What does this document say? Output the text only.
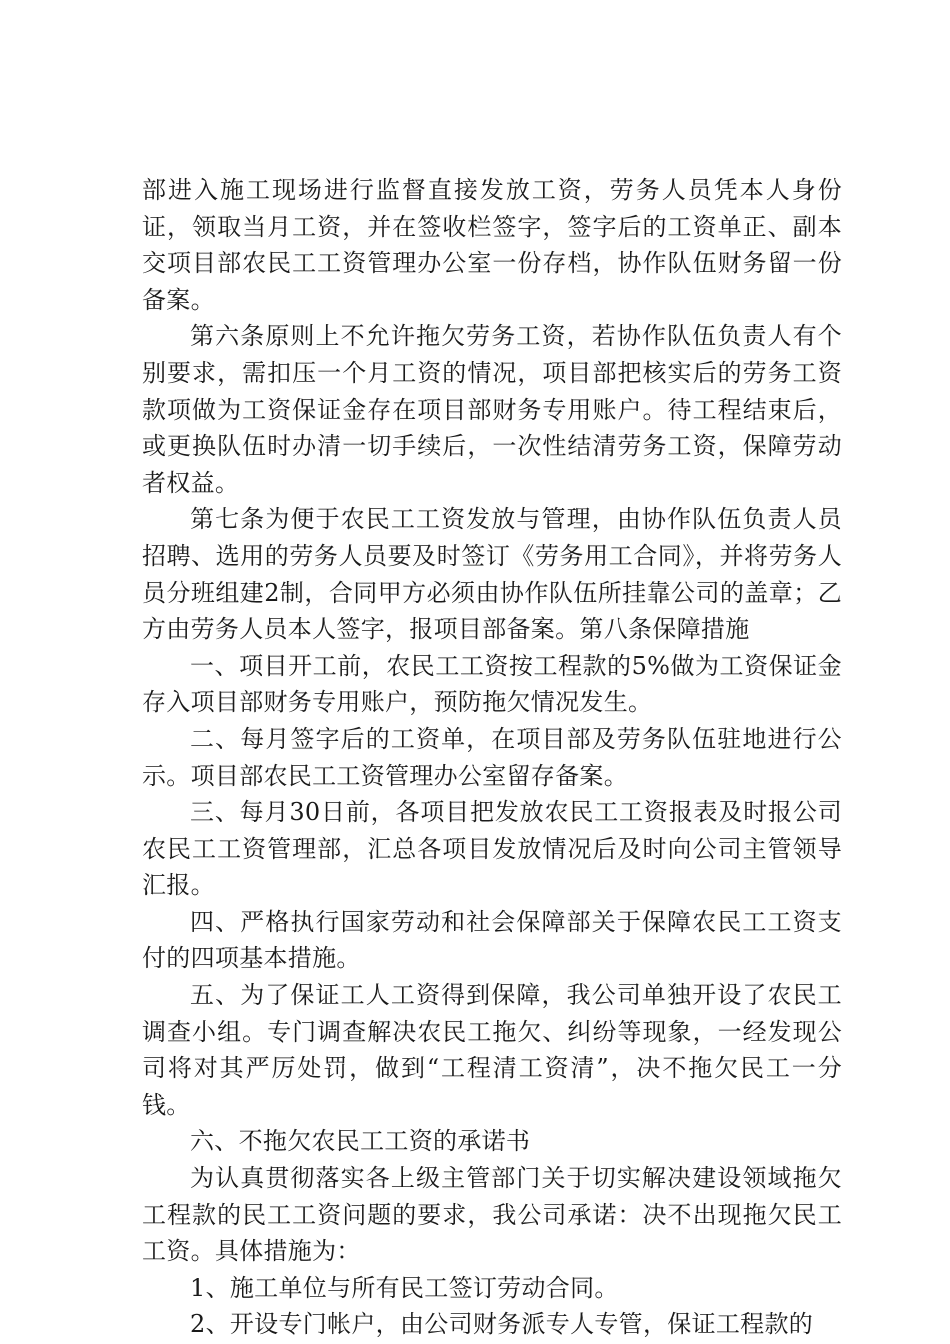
部进入施工现场进行监督直接发放工资，劳务人员凭本人身份证，领取当月工资，并在签收栏签字，签字后的工资单正、副本交项目部农民工工资管理办公室一份存档，协作队伍财务留一份备案。

第六条原则上不允许拖欠劳务工资，若协作队伍负责人有个别要求，需扣压一个月工资的情况，项目部把核实后的劳务工资款项做为工资保证金存在项目部财务专用账户。待工程结束后，或更换队伍时办清一切手续后，一次性结清劳务工资，保障劳动者权益。

第七条为便于农民工工资发放与管理，由协作队伍负责人员招聘、选用的劳务人员要及时签订《劳务用工合同》，并将劳务人员分班组建2制，合同甲方必须由协作队伍所挂靠公司的盖章；乙方由劳务人员本人签字，报项目部备案。第八条保障措施

一、项目开工前，农民工工资按工程款的5%做为工资保证金存入项目部财务专用账户，预防拖欠情况发生。

二、每月签字后的工资单，在项目部及劳务队伍驻地进行公示。项目部农民工工资管理办公室留存备案。

三、每月30日前，各项目把发放农民工工资报表及时报公司农民工工资管理部，汇总各项目发放情况后及时向公司主管领导汇报。

四、严格执行国家劳动和社会保障部关于保障农民工工资支付的四项基本措施。

五、为了保证工人工资得到保障，我公司单独开设了农民工调查小组。专门调查解决农民工拖欠、纠纷等现象，一经发现公司将对其严厉处罚，做到“工程清工资清”，决不拖欠民工一分钱。

六、不拖欠农民工工资的承诺书

为认真贯彻落实各上级主管部门关于切实解决建设领域拖欠工程款的民工工资问题的要求，我公司承诺：决不出现拖欠民工工资。具体措施为：

1、施工单位与所有民工签订劳动合同。

2、开设专门帐户，由公司财务派专人专管，保证工程款的
